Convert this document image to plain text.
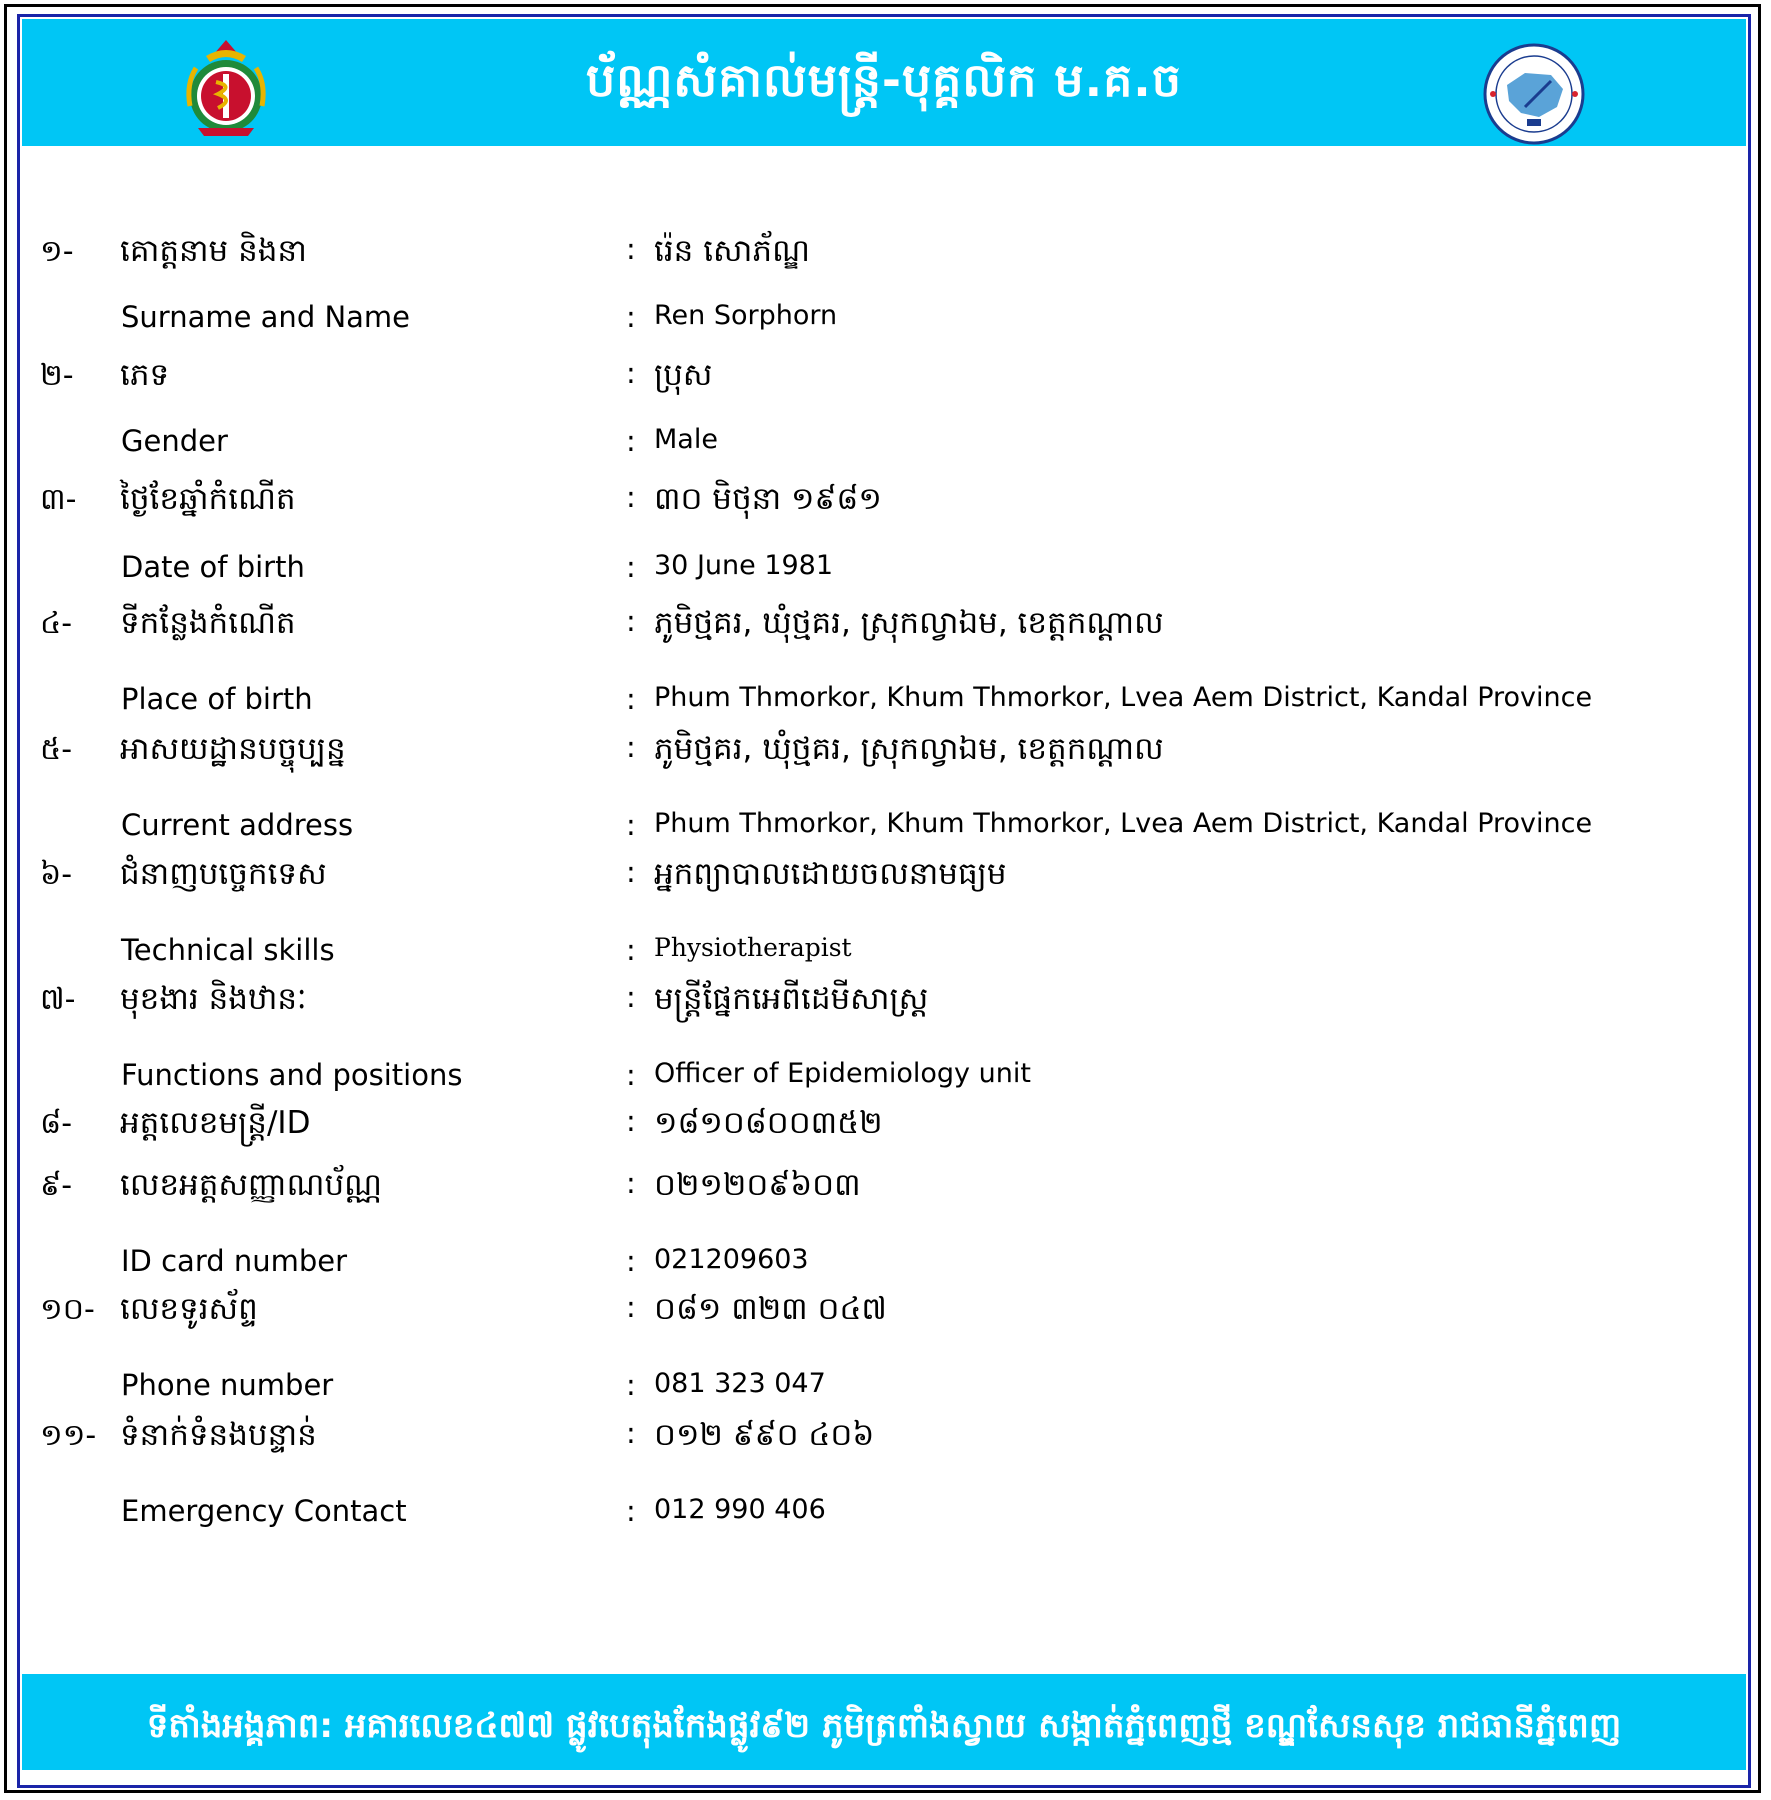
ប័ណ្ណសំគាល់មន្ត្រី-បុគ្គលិក ម.គ.ច
១- គោត្តនាម និងនា	: រ៉េន សោភ័ណ្ឌ
Surname and Name	: Ren Sorphorn
២- ភេទ	: ប្រុស
Gender	: Male
៣- ថ្ងៃខែឆ្នាំកំណើត	: ៣០ មិថុនា ១៩៨១
Date of birth	: 30 June 1981
៤- ទីកន្លែងកំណើត	: ភូមិថ្មគរ, ឃុំថ្មគរ, ស្រុកល្វាឯម, ខេត្តកណ្តាល
Place of birth	: Phum Thmorkor, Khum Thmorkor, Lvea Aem District, Kandal Province
៥- អាសយដ្ឋានបច្ចុប្បន្ន	: ភូមិថ្មគរ, ឃុំថ្មគរ, ស្រុកល្វាឯម, ខេត្តកណ្តាល
Current address	: Phum Thmorkor, Khum Thmorkor, Lvea Aem District, Kandal Province
៦- ជំនាញបច្ចេកទេស	: អ្នកព្យាបាលដោយចលនាមធ្យម
Technical skills	: Physiotherapist
៧- មុខងារ និងឋានៈ	: មន្ត្រីផ្នែកអេពីដេមីសាស្ត្រ
Functions and positions	: Officer of Epidemiology unit
៨- អត្តលេខមន្ត្រី/ID	: ១៨១០៨០០៣៥២
៩- លេខអត្តសញ្ញាណប័ណ្ណ	: ០២១២០៩៦០៣
ID card number	: 021209603
១០- លេខទូរស័ព្ទ	: ០៨១ ៣២៣ ០៤៧
Phone number	: 081 323 047
១១- ទំនាក់ទំនងបន្ទាន់	: ០១២ ៩៩០ ៤០៦
Emergency Contact	: 012 990 406
ទីតាំងអង្គភាព: អគារលេខ៤៧៧ ផ្លូវបេតុងកែងផ្លូវ៩២ ភូមិត្រពាំងស្វាយ សង្កាត់ភ្នំពេញថ្មី ខណ្ឌសែនសុខ រាជធានីភ្នំពេញ
